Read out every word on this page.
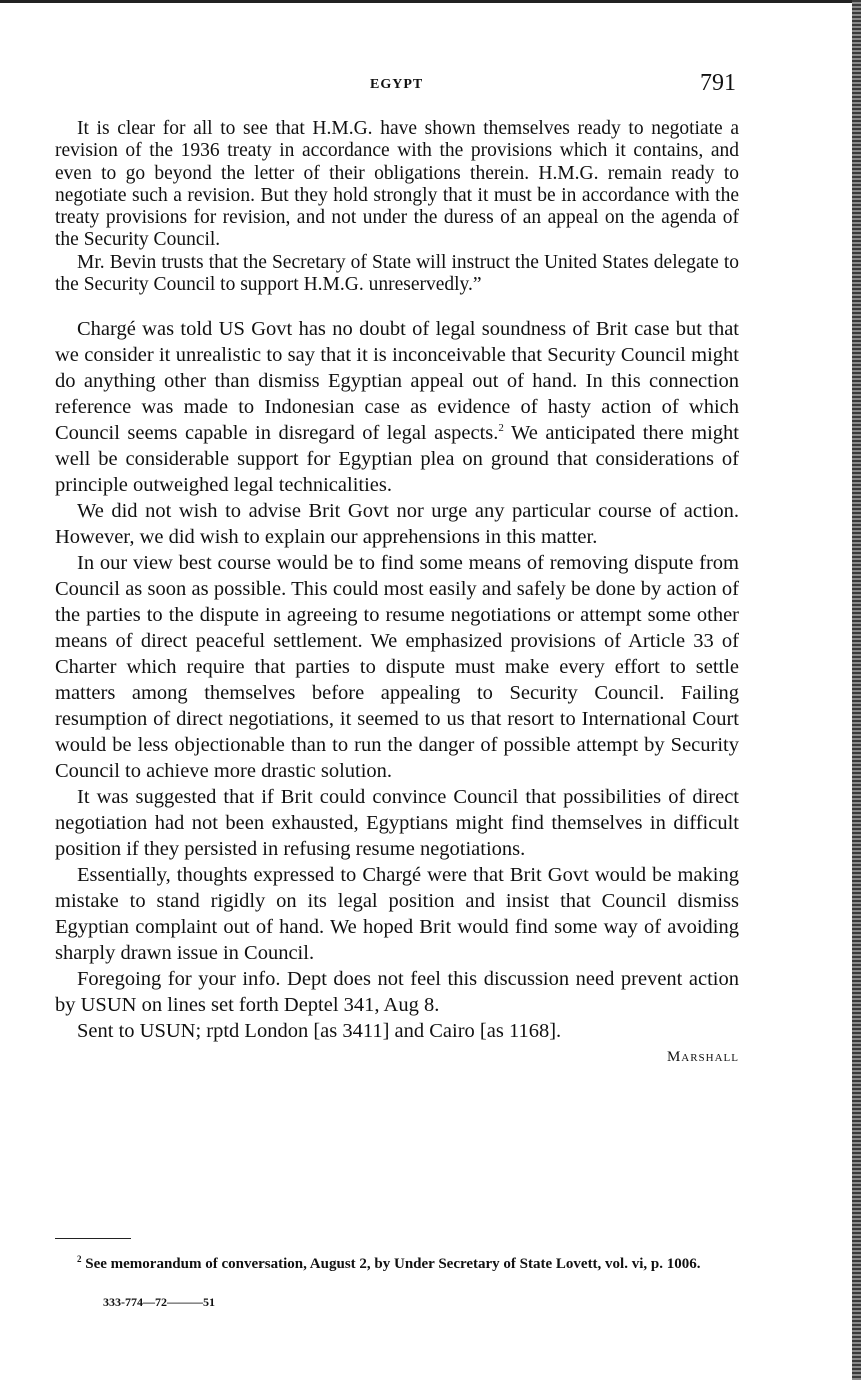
EGYPT	791

It is clear for all to see that H.M.G. have shown themselves ready to negotiate a revision of the 1936 treaty in accordance with the provisions which it contains, and even to go beyond the letter of their obligations therein. H.M.G. remain ready to negotiate such a revision. But they hold strongly that it must be in accordance with the treaty provisions for revision, and not under the duress of an appeal on the agenda of the Security Council.

Mr. Bevin trusts that the Secretary of State will instruct the United States delegate to the Security Council to support H.M.G. unreservedly.”

Chargé was told US Govt has no doubt of legal soundness of Brit case but that we consider it unrealistic to say that it is inconceivable that Security Council might do anything other than dismiss Egyptian appeal out of hand. In this connection reference was made to Indonesian case as evidence of hasty action of which Council seems capable in disregard of legal aspects.$^2$ We anticipated there might well be considerable support for Egyptian plea on ground that considerations of principle outweighed legal technicalities.

We did not wish to advise Brit Govt nor urge any particular course of action. However, we did wish to explain our apprehensions in this matter.

In our view best course would be to find some means of removing dispute from Council as soon as possible. This could most easily and safely be done by action of the parties to the dispute in agreeing to resume negotiations or attempt some other means of direct peaceful settlement. We emphasized provisions of Article 33 of Charter which require that parties to dispute must make every effort to settle matters among themselves before appealing to Security Council. Failing resumption of direct negotiations, it seemed to us that resort to International Court would be less objectionable than to run the danger of possible attempt by Security Council to achieve more drastic solution.

It was suggested that if Brit could convince Council that possibilities of direct negotiation had not been exhausted, Egyptians might find themselves in difficult position if they persisted in refusing resume negotiations.

Essentially, thoughts expressed to Chargé were that Brit Govt would be making mistake to stand rigidly on its legal position and insist that Council dismiss Egyptian complaint out of hand. We hoped Brit would find some way of avoiding sharply drawn issue in Council.

Foregoing for your info. Dept does not feel this discussion need prevent action by USUN on lines set forth Deptel 341, Aug 8.

Sent to USUN; rptd London [as 3411] and Cairo [as 1168].

Marshall

$^2$ See memorandum of conversation, August 2, by Under Secretary of State Lovett, vol. vi, p. 1006.

333-774—72———51
